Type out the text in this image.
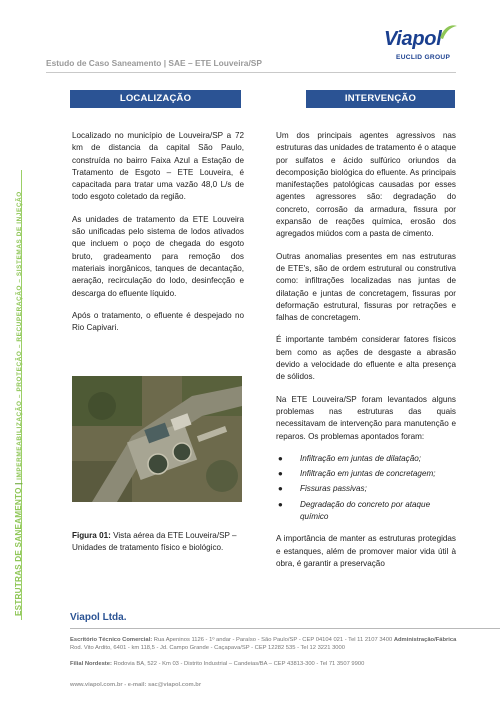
Estudo de Caso Saneamento | SAE – ETE Louveira/SP
Viapol
EUCLID GROUP
ESTRUTRAS DE SANEAMENTO | IMPERMEABILIZAÇÃO – PROTEÇÃO – RECUPERAÇÃO – SISTEMAS DE INJEÇÃO
LOCALIZAÇÃO	INTERVENÇÃO

Localizado no município de Louveira/SP a 72 km de distancia da capital São Paulo, construída no bairro Faixa Azul a Estação de Tratamento de Esgoto – ETE Louveira, é capacitada para tratar uma vazão 48,0 L/s de todo esgoto coletado da região.

As unidades de tratamento da ETE Louveira são unificadas pelo sistema de lodos ativados que incluem o poço de chegada do esgoto bruto, gradeamento para remoção dos materiais inorgânicos, tanques de decantação, aeração, recirculação do lodo, desinfecção e descarga do efluente líquido.

Após o tratamento, o efluente é despejado no Rio Capivari.

Figura 01: Vista aérea da ETE Louveira/SP – Unidades de tratamento físico e biológico.

Um dos principais agentes agressivos nas estruturas das unidades de tratamento é o ataque por sulfatos e ácido sulfúrico oriundos da decomposição biológica do efluente. As principais manifestações patológicas causadas por esses agentes agressores são: degradação do concreto, corrosão da armadura, fissura por expansão de reações química, erosão dos agregados miúdos com a pasta de cimento.

Outras anomalias presentes em nas estruturas de ETE's, são de ordem estrutural ou construtiva como: infiltrações localizadas nas juntas de dilatação e juntas de concretagem, fissuras por deformação estrutural, fissuras por retrações e falhas de concretagem.

É importante também considerar fatores físicos bem como as ações de desgaste a abrasão devido a velocidade do efluente e alta presença de sólidos.

Na ETE Louveira/SP foram levantados alguns problemas nas estruturas das quais necessitavam de intervenção para manutenção e reparos. Os problemas apontados foram:

● Infiltração em juntas de dilatação;
● Infiltração em juntas de concretagem;
● Fissuras passivas;
● Degradação do concreto por ataque químico

A importância de manter as estruturas protegidas e estanques, além de promover maior vida útil à obra, é garantir a preservação

Viapol Ltda.
Escritório Técnico Comercial: Rua Apeninos 1126 - 1º andar - Paraíso - São Paulo/SP - CEP 04104 021 - Tel 11 2107 3400 Administração/Fábrica
Rod. Vito Ardito, 6401 - km 118,5 - Jd. Campo Grande - Caçapava/SP - CEP 12282 535 - Tel 12 3221 3000
Filial Nordeste: Rodovia BA, 522 - Km 03 - Distrito Industrial – Candeias/BA – CEP 43813-300 - Tel 71 3507 9900
www.viapol.com.br - e-mail: sac@viapol.com.br
